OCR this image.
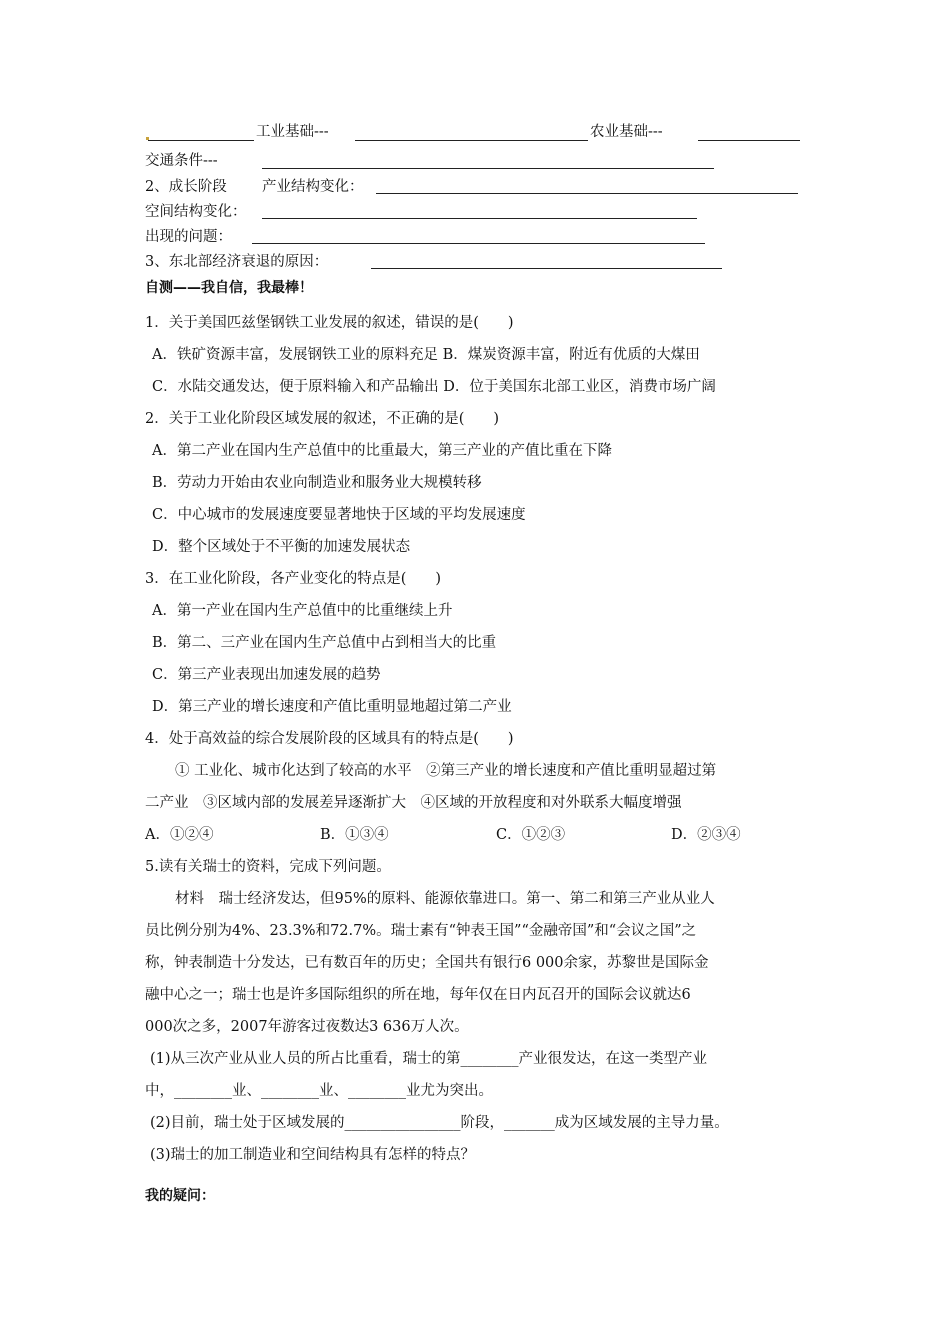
工业基础---	农业基础---
交通条件---
2、成长阶段 产业结构变化：
空间结构变化：
出现的问题：
3、东北部经济衰退的原因：
自测——我自信，我最棒！
1．关于美国匹兹堡钢铁工业发展的叙述，错误的是(　　)
A．铁矿资源丰富，发展钢铁工业的原料充足 B．煤炭资源丰富，附近有优质的大煤田
C．水陆交通发达，便于原料输入和产品输出 D．位于美国东北部工业区，消费市场广阔
2．关于工业化阶段区域发展的叙述，不正确的是(　　)
A．第二产业在国内生产总值中的比重最大，第三产业的产值比重在下降
B．劳动力开始由农业向制造业和服务业大规模转移
C．中心城市的发展速度要显著地快于区域的平均发展速度
D．整个区域处于不平衡的加速发展状态
3．在工业化阶段，各产业变化的特点是(　　)
A．第一产业在国内生产总值中的比重继续上升
B．第二、三产业在国内生产总值中占到相当大的比重
C．第三产业表现出加速发展的趋势
D．第三产业的增长速度和产值比重明显地超过第二产业
4．处于高效益的综合发展阶段的区域具有的特点是(　　)
① 工业化、城市化达到了较高的水平　②第三产业的增长速度和产值比重明显超过第
二产业　③区域内部的发展差异逐渐扩大　④区域的开放程度和对外联系大幅度增强
A．①②④	B．①③④	C．①②③	D．②③④
5.读有关瑞士的资料，完成下列问题。
材料　瑞士经济发达，但95%的原料、能源依靠进口。第一、第二和第三产业从业人
员比例分别为4%、23.3%和72.7%。瑞士素有“钟表王国”“金融帝国”和“会议之国”之
称，钟表制造十分发达，已有数百年的历史；全国共有银行6 000余家，苏黎世是国际金
融中心之一；瑞士也是许多国际组织的所在地，每年仅在日内瓦召开的国际会议就达6
000次之多，2007年游客过夜数达3 636万人次。
(1)从三次产业从业人员的所占比重看，瑞士的第________产业很发达，在这一类型产业
中，________业、________业、________业尤为突出。
(2)目前，瑞士处于区域发展的________________阶段，_______成为区域发展的主导力量。
(3)瑞士的加工制造业和空间结构具有怎样的特点？
我的疑问：
